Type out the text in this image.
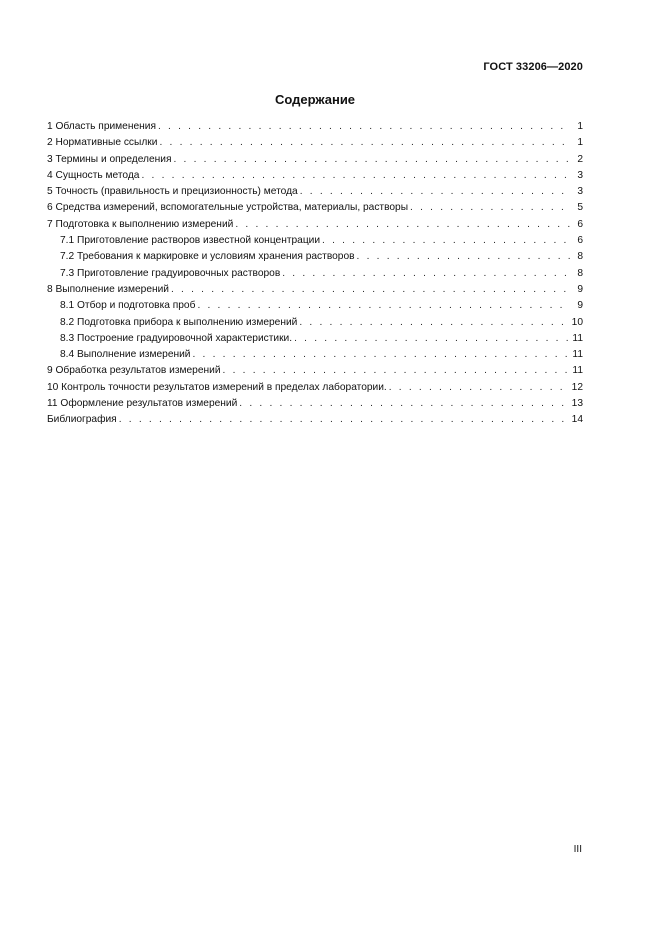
ГОСТ 33206—2020
Содержание
1 Область применения . . .	1
2 Нормативные ссылки . . .	1
3 Термины и определения . . .	2
4 Сущность метода . . .	3
5 Точность (правильность и прецизионность) метода . . .	3
6 Средства измерений, вспомогательные устройства, материалы, растворы . . .	5
7 Подготовка к выполнению измерений . . .	6
7.1 Приготовление растворов известной концентрации . . .	6
7.2 Требования к маркировке и условиям хранения растворов . . .	8
7.3 Приготовление градуировочных растворов . . .	8
8 Выполнение измерений . . .	9
8.1 Отбор и подготовка проб . . .	9
8.2 Подготовка прибора к выполнению измерений . . .	10
8.3 Построение градуировочной характеристики. . . .	11
8.4 Выполнение измерений . . .	11
9 Обработка результатов измерений . . .	11
10 Контроль точности результатов измерений в пределах лаборатории. . . .	12
11 Оформление результатов измерений . . .	13
Библиография . . .	14
III
